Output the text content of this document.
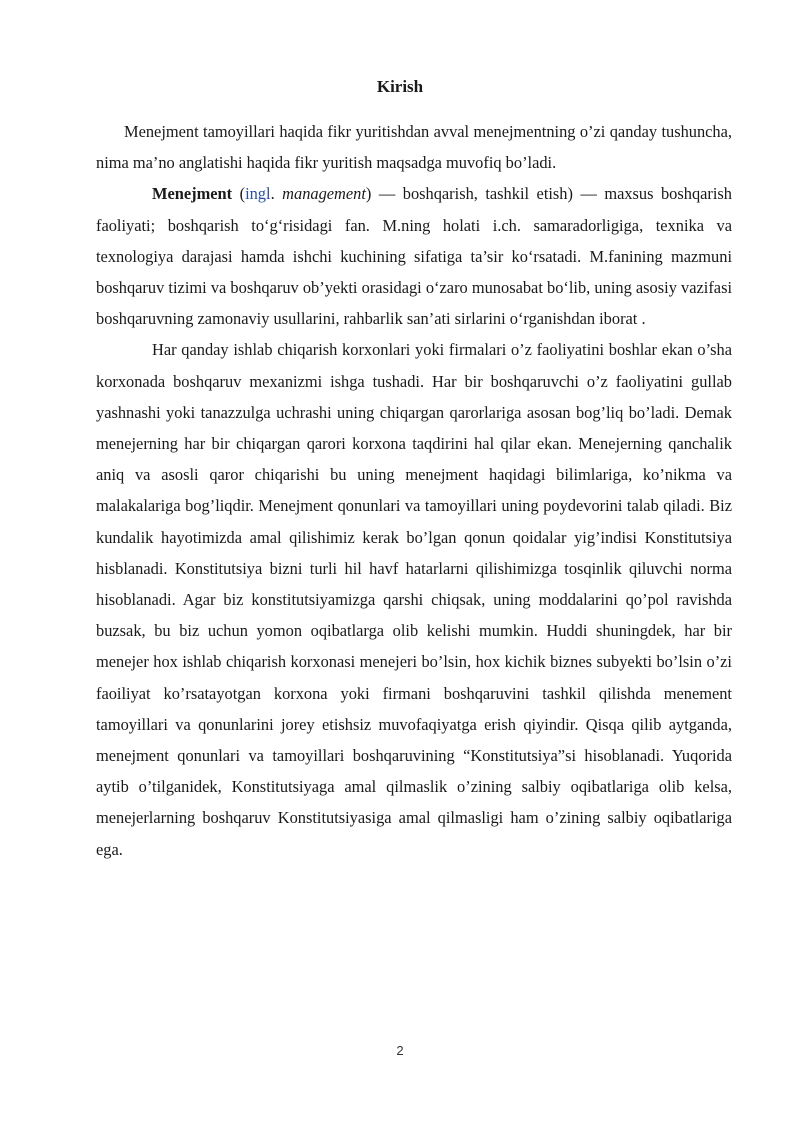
Kirish

Menejment tamoyillari haqida fikr yuritishdan avval menejmentning o’zi qanday tushuncha, nima ma’no anglatishi haqida fikr yuritish maqsadga muvofiq bo’ladi.

Menejment (ingl. management) — boshqarish, tashkil etish) — maxsus boshqarish faoliyati; boshqarish to‘g‘risidagi fan. M.ning holati i.ch. samaradorligiga, texnika va texnologiya darajasi hamda ishchi kuchining sifatiga ta’sir ko‘rsatadi. M.fanining mazmuni boshqaruv tizimi va boshqaruv ob’yekti orasidagi o‘zaro munosabat bo‘lib, uning asosiy vazifasi boshqaruvning zamonaviy usullarini, rahbarlik san’ati sirlarini o‘rganishdan iborat .

Har qanday ishlab chiqarish korxonlari yoki firmalari o’z faoliyatini boshlar ekan o’sha korxonada boshqaruv mexanizmi ishga tushadi. Har bir boshqaruvchi o’z faoliyatini gullab yashnashi yoki tanazzulga uchrashi uning chiqargan qarorlariga asosan bog’liq bo’ladi. Demak menejerning har bir chiqargan qarori korxona taqdirini hal qilar ekan. Menejerning qanchalik aniq va asosli qaror chiqarishi bu uning menejment haqidagi bilimlariga, ko’nikma va malakalariga bog’liqdir. Menejment qonunlari va tamoyillari uning poydevorini talab qiladi. Biz kundalik hayotimizda amal qilishimiz kerak bo’lgan qonun qoidalar yig’indisi Konstitutsiya hisblanadi. Konstitutsiya bizni turli hil havf hatarlarni qilishimizga tosqinlik qiluvchi norma hisoblanadi. Agar biz konstitutsiyamizga qarshi chiqsak, uning moddalarini qo’pol ravishda buzsak, bu biz uchun yomon oqibatlarga olib kelishi mumkin. Huddi shuningdek, har bir menejer hox ishlab chiqarish korxonasi menejeri bo’lsin, hox kichik biznes subyekti bo’lsin o’zi faoiliyat ko’rsatayotgan korxona yoki firmani boshqaruvini tashkil qilishda menement tamoyillari va qonunlarini jorey etishsiz muvofaqiyatga erish qiyindir. Qisqa qilib aytganda, menejment qonunlari va tamoyillari boshqaruvining “Konstitutsiya”si hisoblanadi. Yuqorida aytib o’tilganidek, Konstitutsiyaga amal qilmaslik o’zining salbiy oqibatlariga olib kelsa, menejerlarning boshqaruv Konstitutsiyasiga amal qilmasligi ham o’zining salbiy oqibatlariga ega.

2
